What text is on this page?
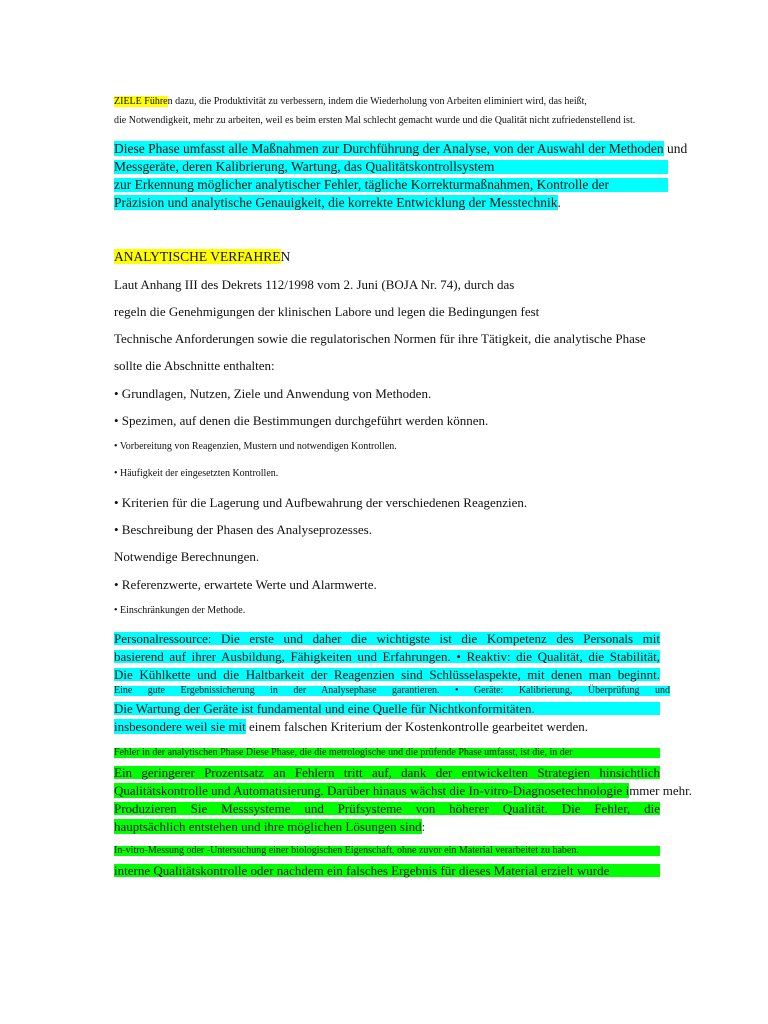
ZIELE Führen dazu, die Produktivität zu verbessern, indem die Wiederholung von Arbeiten eliminiert wird, das heißt,
die Notwendigkeit, mehr zu arbeiten, weil es beim ersten Mal schlecht gemacht wurde und die Qualität nicht zufriedenstellend ist.
Diese Phase umfasst alle Maßnahmen zur Durchführung der Analyse, von der Auswahl der Methoden und
Messgeräte, deren Kalibrierung, Wartung, das Qualitätskontrollsystem
zur Erkennung möglicher analytischer Fehler, tägliche Korrekturmaßnahmen, Kontrolle der
Präzision und analytische Genauigkeit, die korrekte Entwicklung der Messtechnik.
ANALYTISCHE VERFAHREN
Laut Anhang III des Dekrets 112/1998 vom 2. Juni (BOJA Nr. 74), durch das
regeln die Genehmigungen der klinischen Labore und legen die Bedingungen fest
Technische Anforderungen sowie die regulatorischen Normen für ihre Tätigkeit, die analytische Phase
sollte die Abschnitte enthalten:
• Grundlagen, Nutzen, Ziele und Anwendung von Methoden.
• Spezimen, auf denen die Bestimmungen durchgeführt werden können.
• Vorbereitung von Reagenzien, Mustern und notwendigen Kontrollen.
• Häufigkeit der eingesetzten Kontrollen.
• Kriterien für die Lagerung und Aufbewahrung der verschiedenen Reagenzien.
• Beschreibung der Phasen des Analyseprozesses.
Notwendige Berechnungen.
• Referenzwerte, erwartete Werte und Alarmwerte.
• Einschränkungen der Methode.
Personalressource: Die erste und daher die wichtigste ist die Kompetenz des Personals mit
basierend auf ihrer Ausbildung, Fähigkeiten und Erfahrungen. • Reaktiv: die Qualität, die Stabilität,
Die Kühlkette und die Haltbarkeit der Reagenzien sind Schlüsselaspekte, mit denen man beginnt.
Eine gute Ergebnissicherung in der Analysephase garantieren. • Geräte: Kalibrierung, Überprüfung und
Die Wartung der Geräte ist fundamental und eine Quelle für Nichtkonformitäten.
insbesondere weil sie mit einem falschen Kriterium der Kostenkontrolle gearbeitet werden.
Fehler in der analytischen Phase Diese Phase, die die metrologische und die prüfende Phase umfasst, ist die, in der
Ein geringerer Prozentsatz an Fehlern tritt auf, dank der entwickelten Strategien hinsichtlich
Qualitätskontrolle und Automatisierung. Darüber hinaus wächst die In-vitro-Diagnosetechnologie immer mehr.
Produzieren Sie Messsysteme und Prüfsysteme von höherer Qualität. Die Fehler, die
hauptsächlich entstehen und ihre möglichen Lösungen sind:
In-vitro-Messung oder -Untersuchung einer biologischen Eigenschaft, ohne zuvor ein Material verarbeitet zu haben.
interne Qualitätskontrolle oder nachdem ein falsches Ergebnis für dieses Material erzielt wurde
